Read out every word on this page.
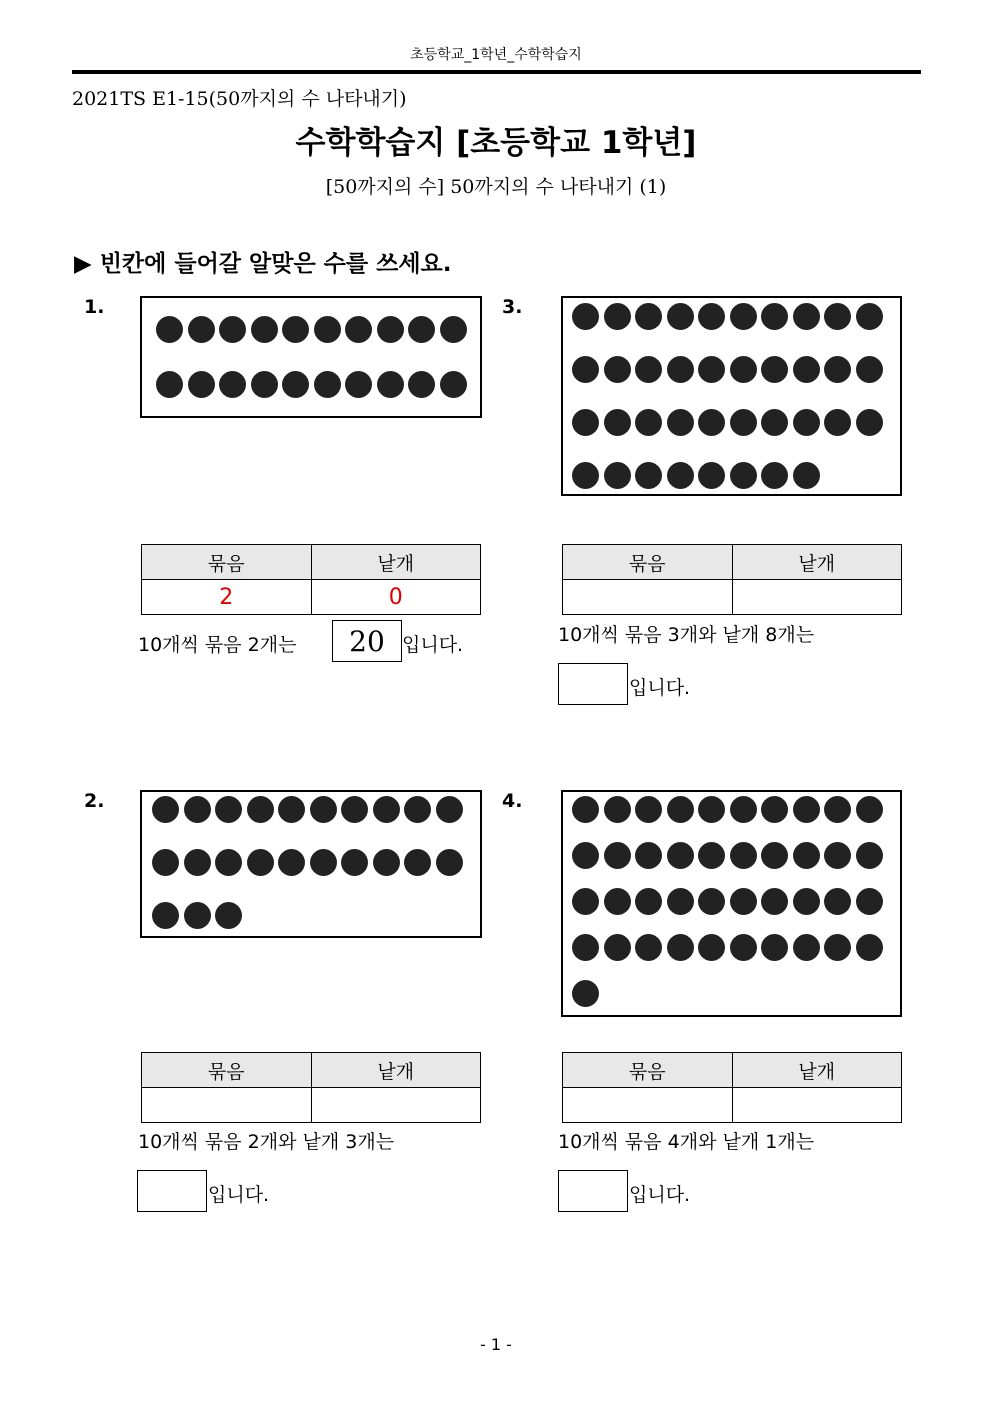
초등학교_1학년_수학학습지
2021TS E1-15(50까지의 수 나타내기)
수학학습지 [초등학교 1학년]
[50까지의 수] 50까지의 수 나타내기 (1)
▶ 빈칸에 들어갈 알맞은 수를 쓰세요.
1.
묶음	낱개
2	0
10개씩 묶음 2개는	20 입니다.
2.
묶음	낱개

10개씩 묶음 2개와 낱개 3개는
입니다.
3.
묶음	낱개

10개씩 묶음 3개와 낱개 8개는
입니다.
4.
묶음	낱개

10개씩 묶음 4개와 낱개 1개는
입니다.
- 1 -
